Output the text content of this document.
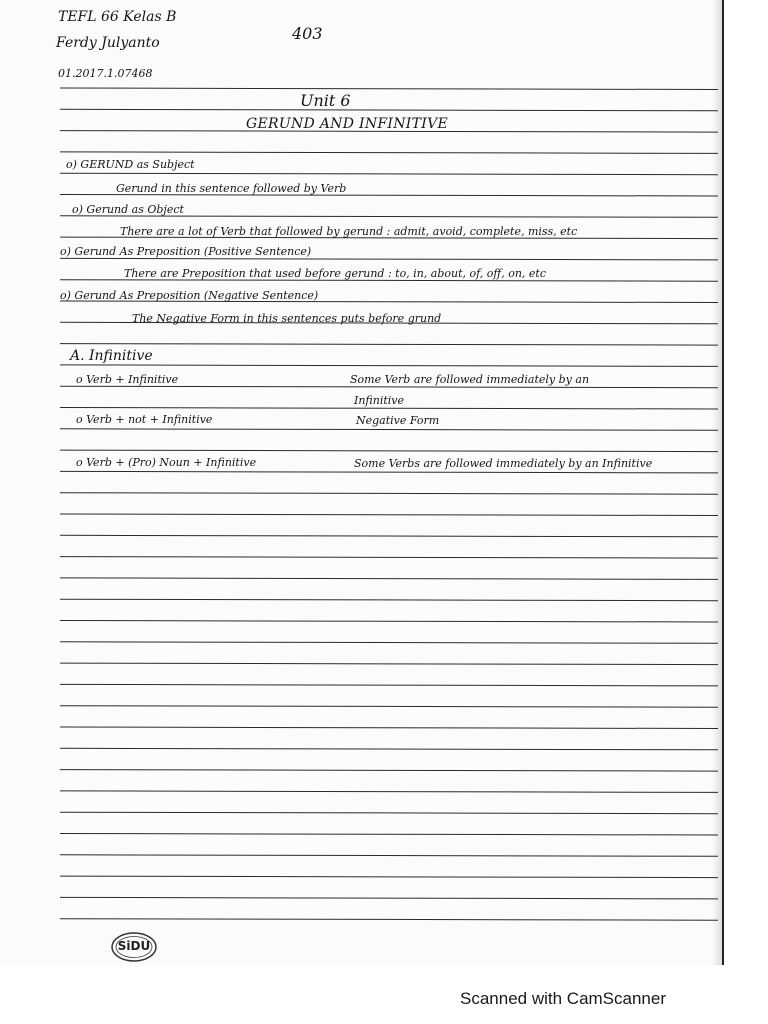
TEFL 66 Kelas B
Ferdy Julyanto
01.2017.1.07468
403
Unit 6
GERUND AND INFINITIVE
o) GERUND as Subject
Gerund in this sentence followed by Verb
o) Gerund as Object
There are a lot of Verb that followed by gerund : admit, avoid, complete, miss, etc
o) Gerund As Preposition (Positive Sentence)
There are Preposition that used before gerund : to, in, about, of, off, on, etc
o) Gerund As Preposition (Negative Sentence)
The Negative Form in this sentences puts before grund
A. Infinitive
o Verb + Infinitive	Some Verb are followed immediately by an
Infinitive
o Verb + not + Infinitive	Negative Form
o Verb + (Pro) Noun + Infinitive	Some Verbs are followed immediately by an Infinitive
SiDU
Scanned with CamScanner
